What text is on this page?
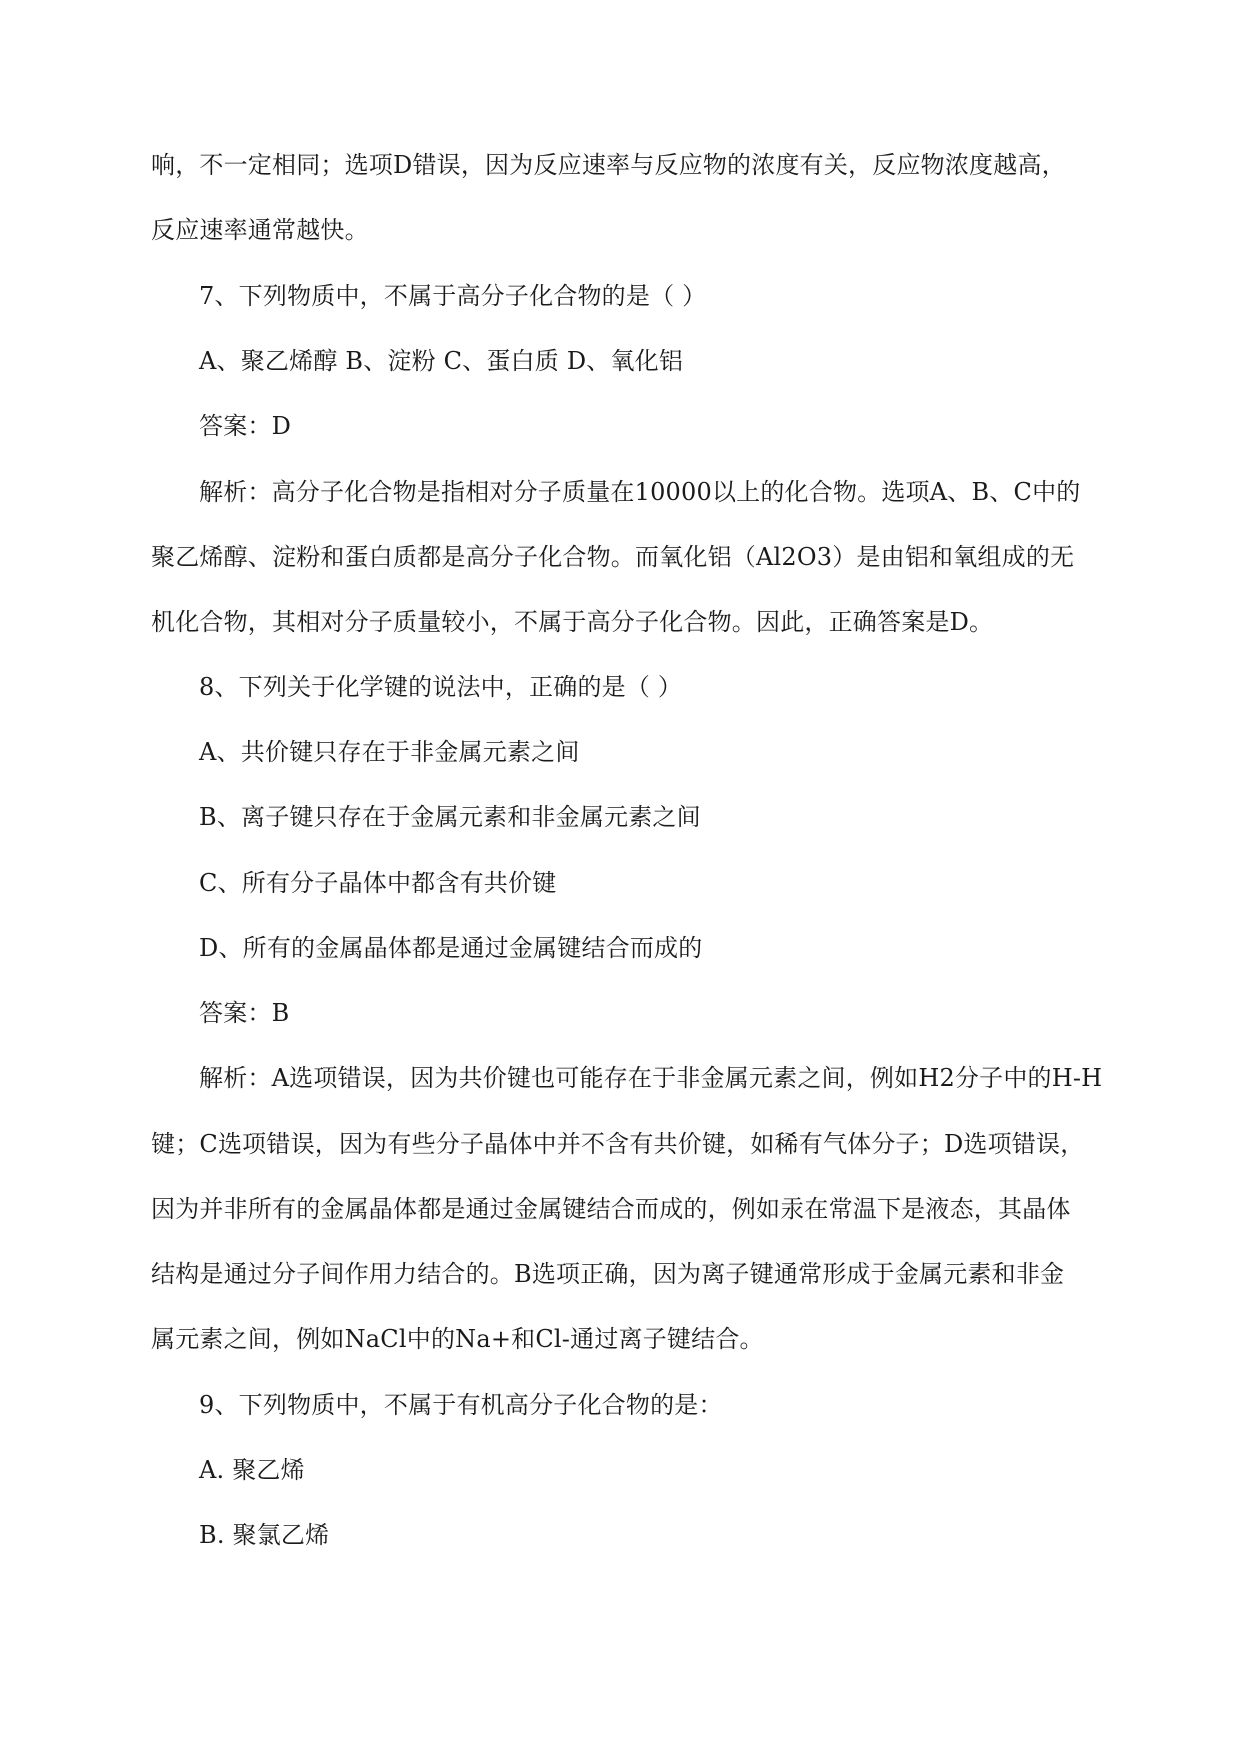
响，不一定相同；选项D错误，因为反应速率与反应物的浓度有关，反应物浓度越高，
反应速率通常越快。
7、下列物质中，不属于高分子化合物的是（ ）
A、聚乙烯醇 B、淀粉 C、蛋白质 D、氧化铝
答案：D
解析：高分子化合物是指相对分子质量在10000以上的化合物。选项A、B、C中的
聚乙烯醇、淀粉和蛋白质都是高分子化合物。而氧化铝（Al2O3）是由铝和氧组成的无
机化合物，其相对分子质量较小，不属于高分子化合物。因此，正确答案是D。
8、下列关于化学键的说法中，正确的是（ ）
A、共价键只存在于非金属元素之间
B、离子键只存在于金属元素和非金属元素之间
C、所有分子晶体中都含有共价键
D、所有的金属晶体都是通过金属键结合而成的
答案：B
解析：A选项错误，因为共价键也可能存在于非金属元素之间，例如H2分子中的H-H
键；C选项错误，因为有些分子晶体中并不含有共价键，如稀有气体分子；D选项错误，
因为并非所有的金属晶体都是通过金属键结合而成的，例如汞在常温下是液态，其晶体
结构是通过分子间作用力结合的。B选项正确，因为离子键通常形成于金属元素和非金
属元素之间，例如NaCl中的Na+和Cl-通过离子键结合。
9、下列物质中，不属于有机高分子化合物的是：
A. 聚乙烯
B. 聚氯乙烯
